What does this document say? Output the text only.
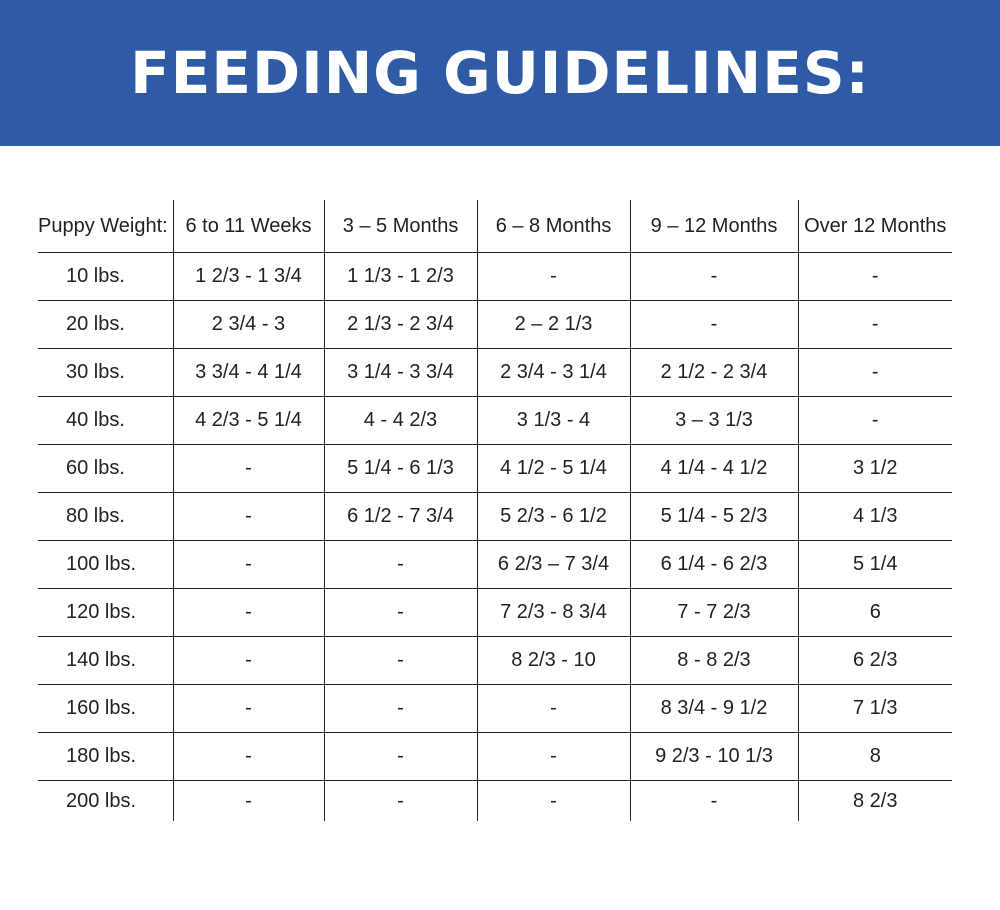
FEEDING GUIDELINES:
Puppy Weight:	6 to 11 Weeks	3 – 5 Months	6 – 8 Months	9 – 12 Months	Over 12 Months
10 lbs.	1 2/3 - 1 3/4	1 1/3 - 1 2/3	-	-	-
20 lbs.	2 3/4 - 3	2 1/3 - 2 3/4	2 – 2 1/3	-	-
30 lbs.	3 3/4 - 4 1/4	3 1/4 - 3 3/4	2 3/4 - 3 1/4	2 1/2 - 2 3/4	-
40 lbs.	4 2/3 - 5 1/4	4 - 4 2/3	3 1/3 - 4	3 – 3 1/3	-
60 lbs.	-	5 1/4 - 6 1/3	4 1/2 - 5 1/4	4 1/4 - 4 1/2	3 1/2
80 lbs.	-	6 1/2 - 7 3/4	5 2/3 - 6 1/2	5 1/4 - 5 2/3	4 1/3
100 lbs.	-	-	6 2/3 – 7 3/4	6 1/4 - 6 2/3	5 1/4
120 lbs.	-	-	7 2/3 - 8 3/4	7 - 7 2/3	6
140 lbs.	-	-	8 2/3 - 10	8 - 8 2/3	6 2/3
160 lbs.	-	-	-	8 3/4 - 9 1/2	7 1/3
180 lbs.	-	-	-	9 2/3 - 10 1/3	8
200 lbs.	-	-	-	-	8 2/3
